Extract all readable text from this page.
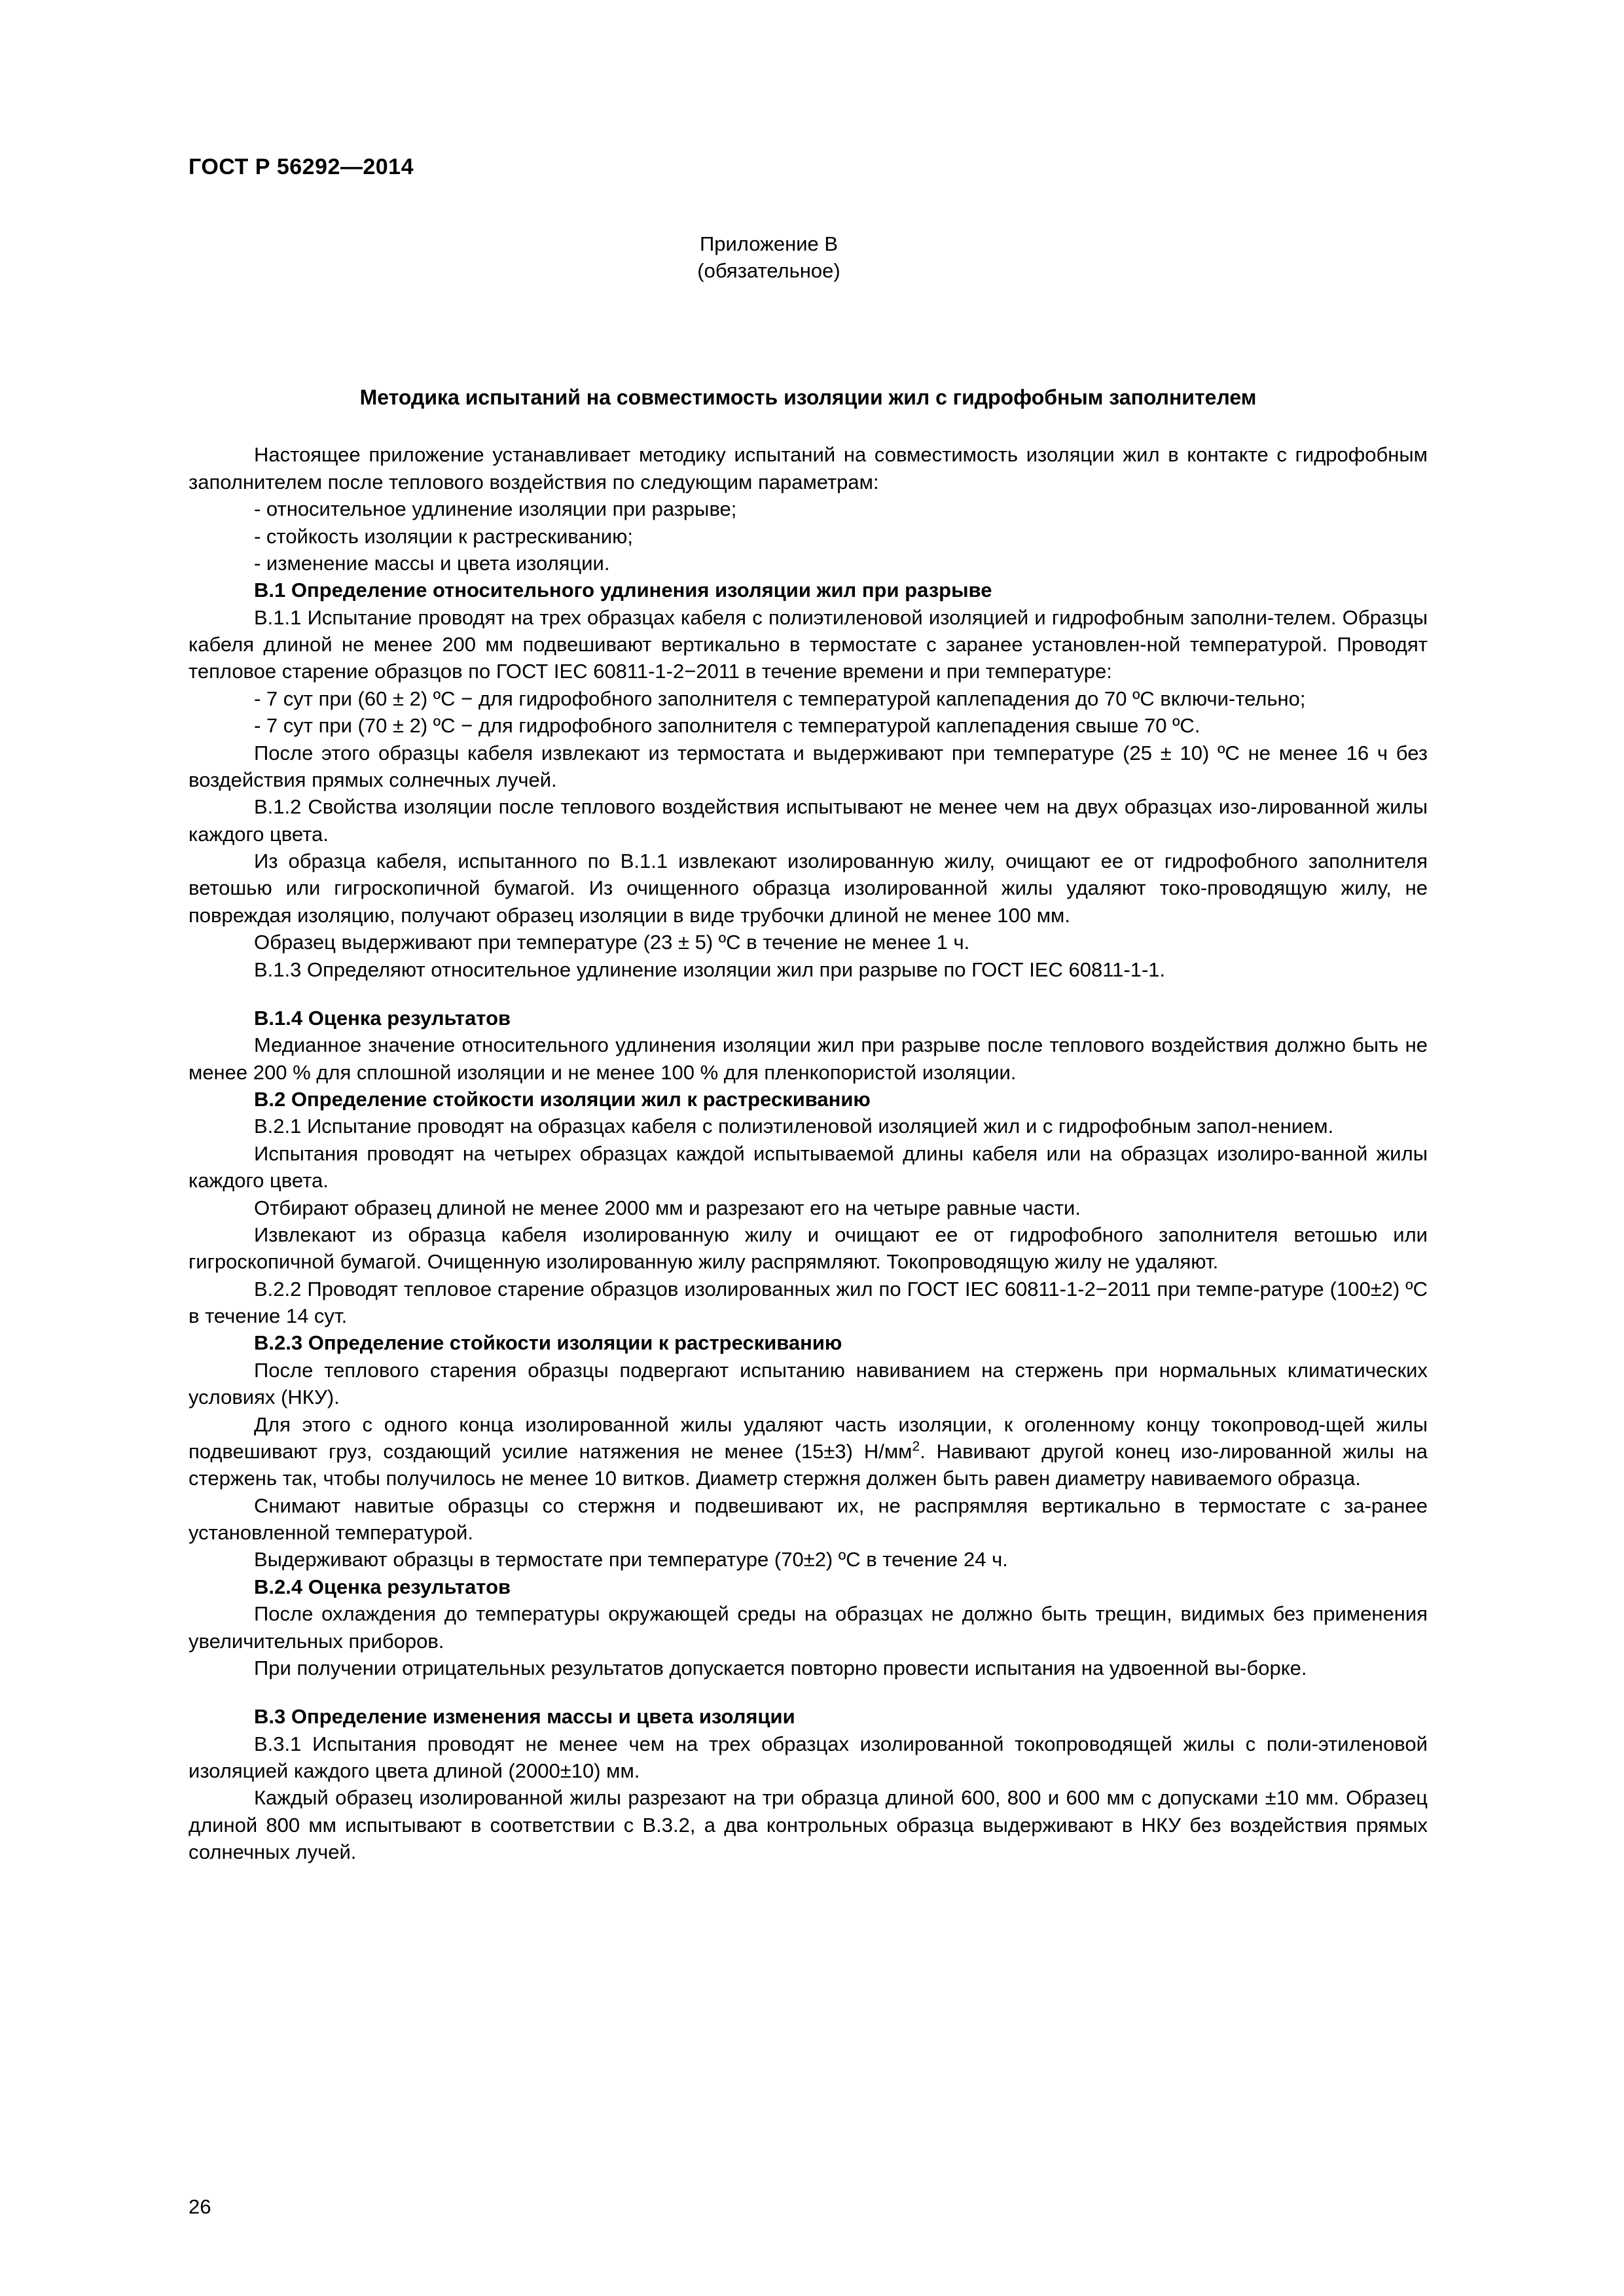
ГОСТ Р 56292—2014
Приложение В
(обязательное)
Методика испытаний на совместимость изоляции жил с гидрофобным заполнителем

Настоящее приложение устанавливает методику испытаний на совместимость изоляции жил в контакте с гидрофобным заполнителем после теплового воздействия по следующим параметрам:

- относительное удлинение изоляции при разрыве;

- стойкость изоляции к растрескиванию;

- изменение массы и цвета изоляции.

В.1 Определение относительного удлинения изоляции жил при разрыве

В.1.1 Испытание проводят на трех образцах кабеля с полиэтиленовой изоляцией и гидрофобным заполни-телем. Образцы кабеля длиной не менее 200 мм подвешивают вертикально в термостате с заранее установлен-ной температурой. Проводят тепловое старение образцов по ГОСТ IEC 60811-1-2−2011 в течение времени и при температуре:

- 7 сут при (60 ± 2) ºС − для гидрофобного заполнителя с температурой каплепадения до 70 ºС включи-тельно;

- 7 сут при (70 ± 2) ºС − для гидрофобного заполнителя с температурой каплепадения свыше 70 ºС.

После этого образцы кабеля извлекают из термостата и выдерживают при температуре (25 ± 10) ºС не менее 16 ч без воздействия прямых солнечных лучей.

В.1.2 Свойства изоляции после теплового воздействия испытывают не менее чем на двух образцах изо-лированной жилы каждого цвета.

Из образца кабеля, испытанного по В.1.1 извлекают изолированную жилу, очищают ее от гидрофобного заполнителя ветошью или гигроскопичной бумагой. Из очищенного образца изолированной жилы удаляют токо-проводящую жилу, не повреждая изоляцию, получают образец изоляции в виде трубочки длиной не менее 100 мм.

Образец выдерживают при температуре (23 ± 5) ºС в течение не менее 1 ч.

В.1.3 Определяют относительное удлинение изоляции жил при разрыве по ГОСТ IEC 60811-1-1.

В.1.4 Оценка результатов

Медианное значение относительного удлинения изоляции жил при разрыве после теплового воздействия должно быть не менее 200 % для сплошной изоляции и не менее 100 % для пленкопористой изоляции.

В.2 Определение стойкости изоляции жил к растрескиванию

В.2.1 Испытание проводят на образцах кабеля с полиэтиленовой изоляцией жил и с гидрофобным запол-нением.

Испытания проводят на четырех образцах каждой испытываемой длины кабеля или на образцах изолиро-ванной жилы каждого цвета.

Отбирают образец длиной не менее 2000 мм и разрезают его на четыре равные части.

Извлекают из образца кабеля изолированную жилу и очищают ее от гидрофобного заполнителя ветошью или гигроскопичной бумагой. Очищенную изолированную жилу распрямляют. Токопроводящую жилу не удаляют.

В.2.2 Проводят тепловое старение образцов изолированных жил по ГОСТ IEC 60811-1-2−2011 при темпе-ратуре (100±2) ºС в течение 14 сут.

В.2.3 Определение стойкости изоляции к растрескиванию

После теплового старения образцы подвергают испытанию навиванием на стержень при нормальных климатических условиях (НКУ).

Для этого с одного конца изолированной жилы удаляют часть изоляции, к оголенному концу токопровод-щей жилы подвешивают груз, создающий усилие натяжения не менее (15±3) $Н/мм^2$. Навивают другой конец изо-лированной жилы на стержень так, чтобы получилось не менее 10 витков. Диаметр стержня должен быть равен диаметру навиваемого образца.

Снимают навитые образцы со стержня и подвешивают их, не распрямляя вертикально в термостате с за-ранее установленной температурой.

Выдерживают образцы в термостате при температуре (70±2) ºС в течение 24 ч.

В.2.4 Оценка результатов

После охлаждения до температуры окружающей среды на образцах не должно быть трещин, видимых без применения увеличительных приборов.

При получении отрицательных результатов допускается повторно провести испытания на удвоенной вы-борке.

В.3 Определение изменения массы и цвета изоляции

В.3.1 Испытания проводят не менее чем на трех образцах изолированной токопроводящей жилы с поли-этиленовой изоляцией каждого цвета длиной (2000±10) мм.

Каждый образец изолированной жилы разрезают на три образца длиной 600, 800 и 600 мм с допусками ±10 мм. Образец длиной 800 мм испытывают в соответствии с В.3.2, а два контрольных образца выдерживают в НКУ без воздействия прямых солнечных лучей.

26
